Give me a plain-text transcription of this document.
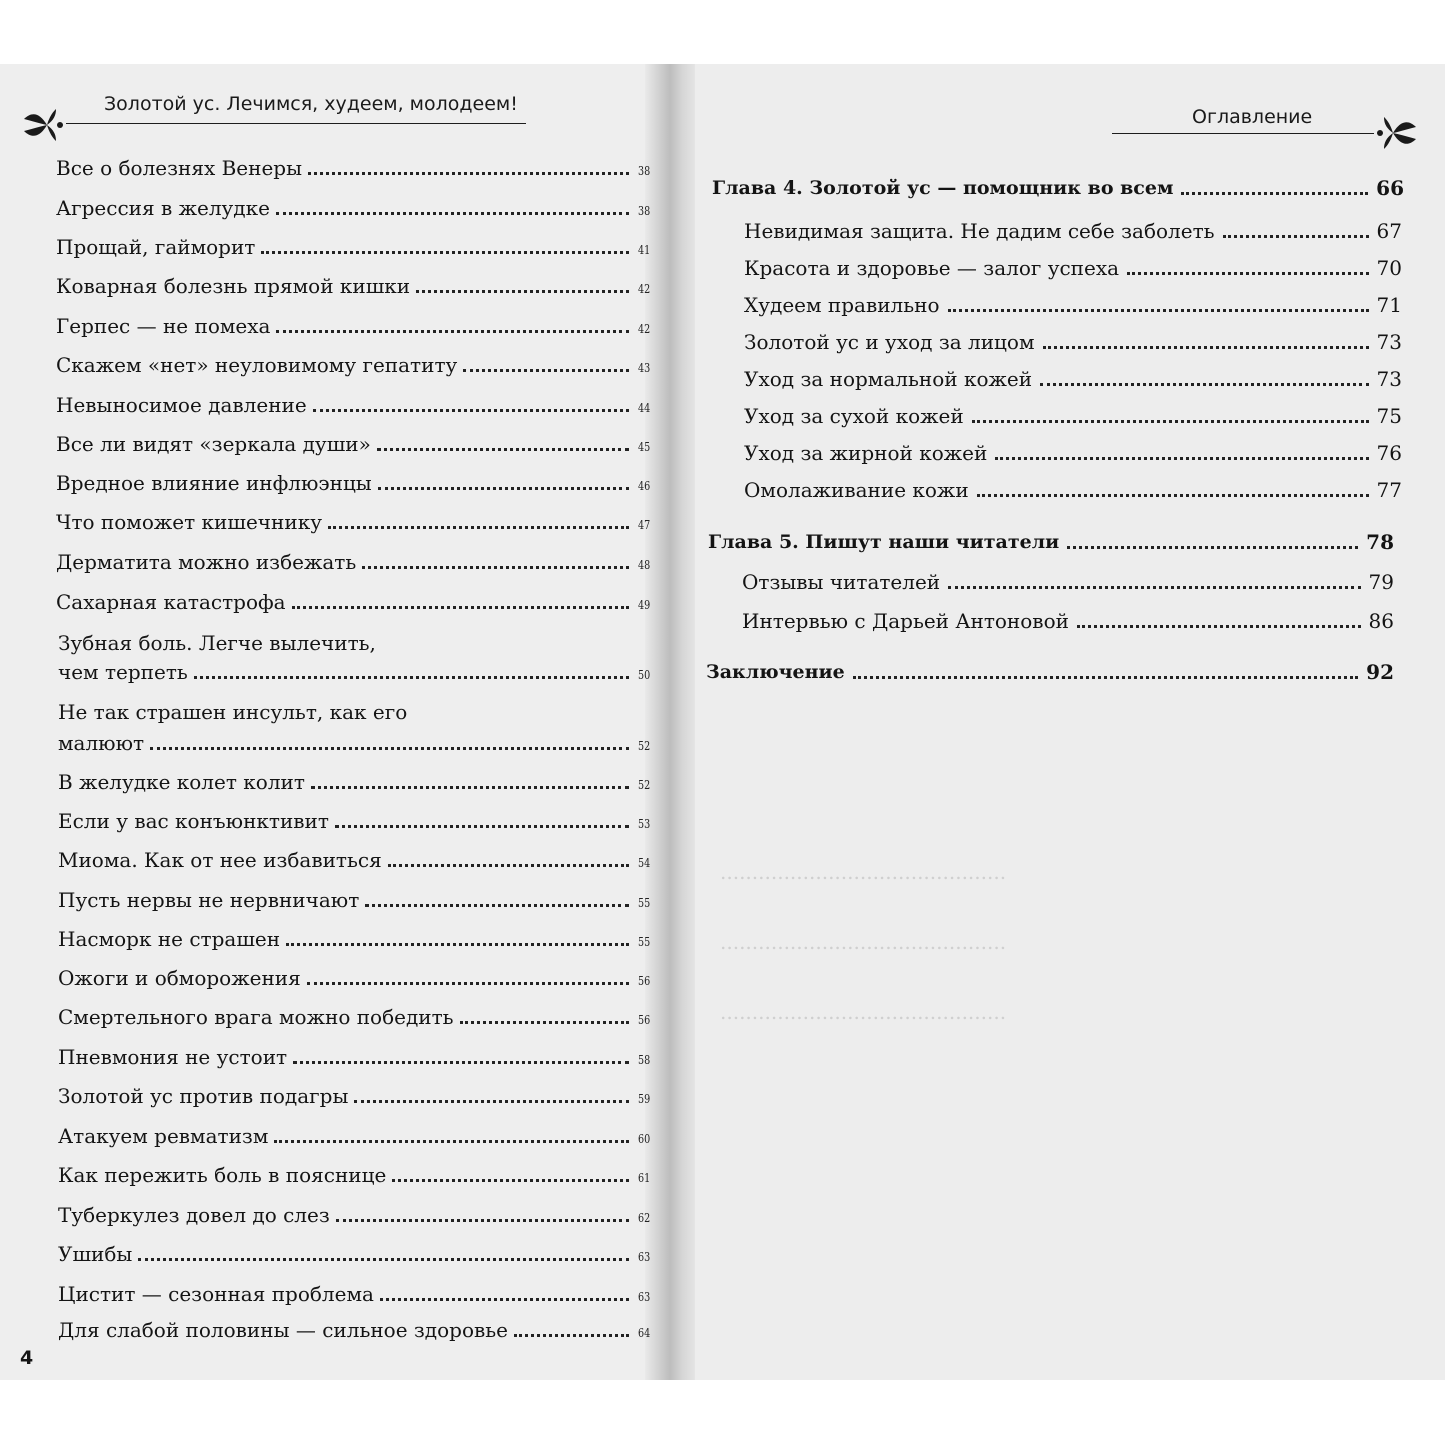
Золотой ус. Лечимся, худеем, молодеем!
Оглавление
.............................................
.............................................
.............................................
Все о болезнях Венеры	38
Агрессия в желудке	38
Прощай, гайморит	41
Коварная болезнь прямой кишки	42
Герпес — не помеха	42
Скажем «нет» неуловимому гепатиту	43
Невыносимое давление	44
Все ли видят «зеркала души»	45
Вредное влияние инфлюэнцы	46
Что поможет кишечнику	47
Дерматита можно избежать	48
Сахарная катастрофа	49
Зубная боль. Легче вылечить,
чем терпеть	50
Не так страшен инсульт, как его
малюют	52
В желудке колет колит	52
Если у вас конъюнктивит	53
Миома. Как от нее избавиться	54
Пусть нервы не нервничают	55
Насморк не страшен	55
Ожоги и обморожения	56
Смертельного врага можно победить	56
Пневмония не устоит	58
Золотой ус против подагры	59
Атакуем ревматизм	60
Как пережить боль в пояснице	61
Туберкулез довел до слез	62
Ушибы	63
Цистит — сезонная проблема	63
Для слабой половины — сильное здоровье	64
4
Глава 4. Золотой ус — помощник во всем	66
Невидимая защита. Не дадим себе заболеть	67
Красота и здоровье — залог успеха	70
Худеем правильно	71
Золотой ус и уход за лицом	73
Уход за нормальной кожей	73
Уход за сухой кожей	75
Уход за жирной кожей	76
Омолаживание кожи	77
Глава 5. Пишут наши читатели	78
Отзывы читателей	79
Интервью с Дарьей Антоновой	86
Заключение	92
